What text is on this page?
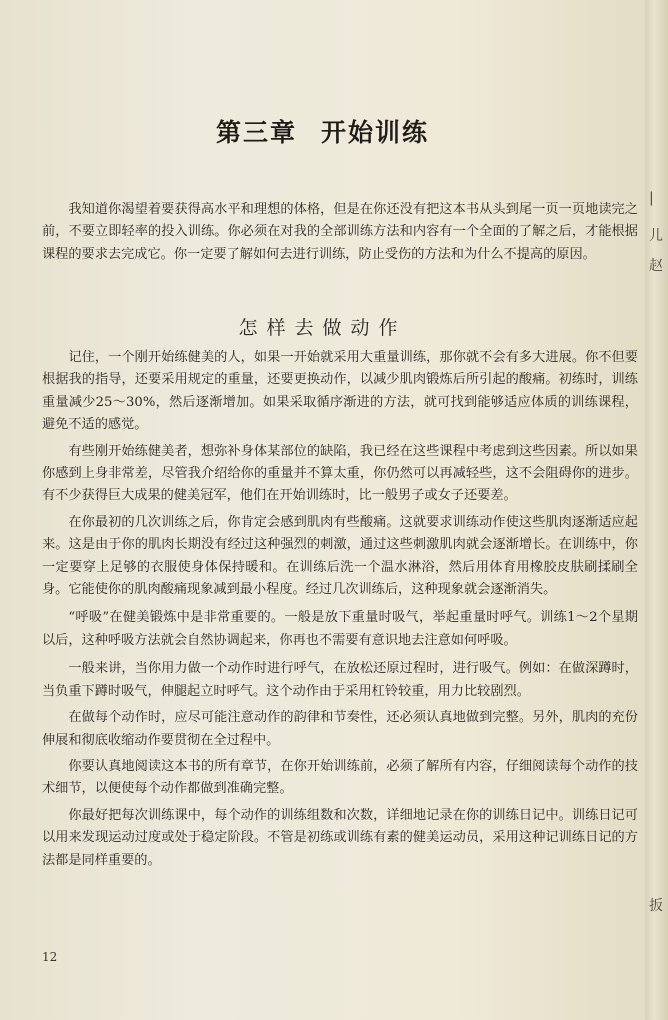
第三章 开始训练

我知道你渴望着要获得高水平和理想的体格，但是在你还没有把这本书从头到尾一页一页地读完之前，不要立即轻率的投入训练。你必须在对我的全部训练方法和内容有一个全面的了解之后，才能根据课程的要求去完成它。你一定要了解如何去进行训练，防止受伤的方法和为什么不提高的原因。

怎样去做动作

记住，一个刚开始练健美的人，如果一开始就采用大重量训练，那你就不会有多大进展。你不但要根据我的指导，还要采用规定的重量，还要更换动作，以减少肌肉锻炼后所引起的酸痛。初练时，训练重量减少25～30%，然后逐渐增加。如果采取循序渐进的方法，就可找到能够适应体质的训练课程，避免不适的感觉。

有些刚开始练健美者，想弥补身体某部位的缺陷，我已经在这些课程中考虑到这些因素。所以如果你感到上身非常差，尽管我介绍给你的重量并不算太重，你仍然可以再减轻些，这不会阻碍你的进步。有不少获得巨大成果的健美冠军，他们在开始训练时，比一般男子或女子还要差。

在你最初的几次训练之后，你肯定会感到肌肉有些酸痛。这就要求训练动作使这些肌肉逐渐适应起来。这是由于你的肌肉长期没有经过这种强烈的刺激，通过这些刺激肌肉就会逐渐增长。在训练中，你一定要穿上足够的衣服使身体保持暖和。在训练后洗一个温水淋浴，然后用体育用橡胶皮肤刷揉刷全身。它能使你的肌肉酸痛现象减到最小程度。经过几次训练后，这种现象就会逐渐消失。

“呼吸”在健美锻炼中是非常重要的。一般是放下重量时吸气，举起重量时呼气。训练1～2个星期以后，这种呼吸方法就会自然协调起来，你再也不需要有意识地去注意如何呼吸。

一般来讲，当你用力做一个动作时进行呼气，在放松还原过程时，进行吸气。例如：在做深蹲时，当负重下蹲时吸气，伸腿起立时呼气。这个动作由于采用杠铃较重，用力比较剧烈。

在做每个动作时，应尽可能注意动作的韵律和节奏性，还必须认真地做到完整。另外，肌肉的充份伸展和彻底收缩动作要贯彻在全过程中。

你要认真地阅读这本书的所有章节，在你开始训练前，必须了解所有内容，仔细阅读每个动作的技术细节，以便使每个动作都做到准确完整。

你最好把每次训练课中，每个动作的训练组数和次数，详细地记录在你的训练日记中。训练日记可以用来发现运动过度或处于稳定阶段。不管是初练或训练有素的健美运动员，采用这种记训练日记的方法都是同样重要的。

12
|
儿
赵
扳
